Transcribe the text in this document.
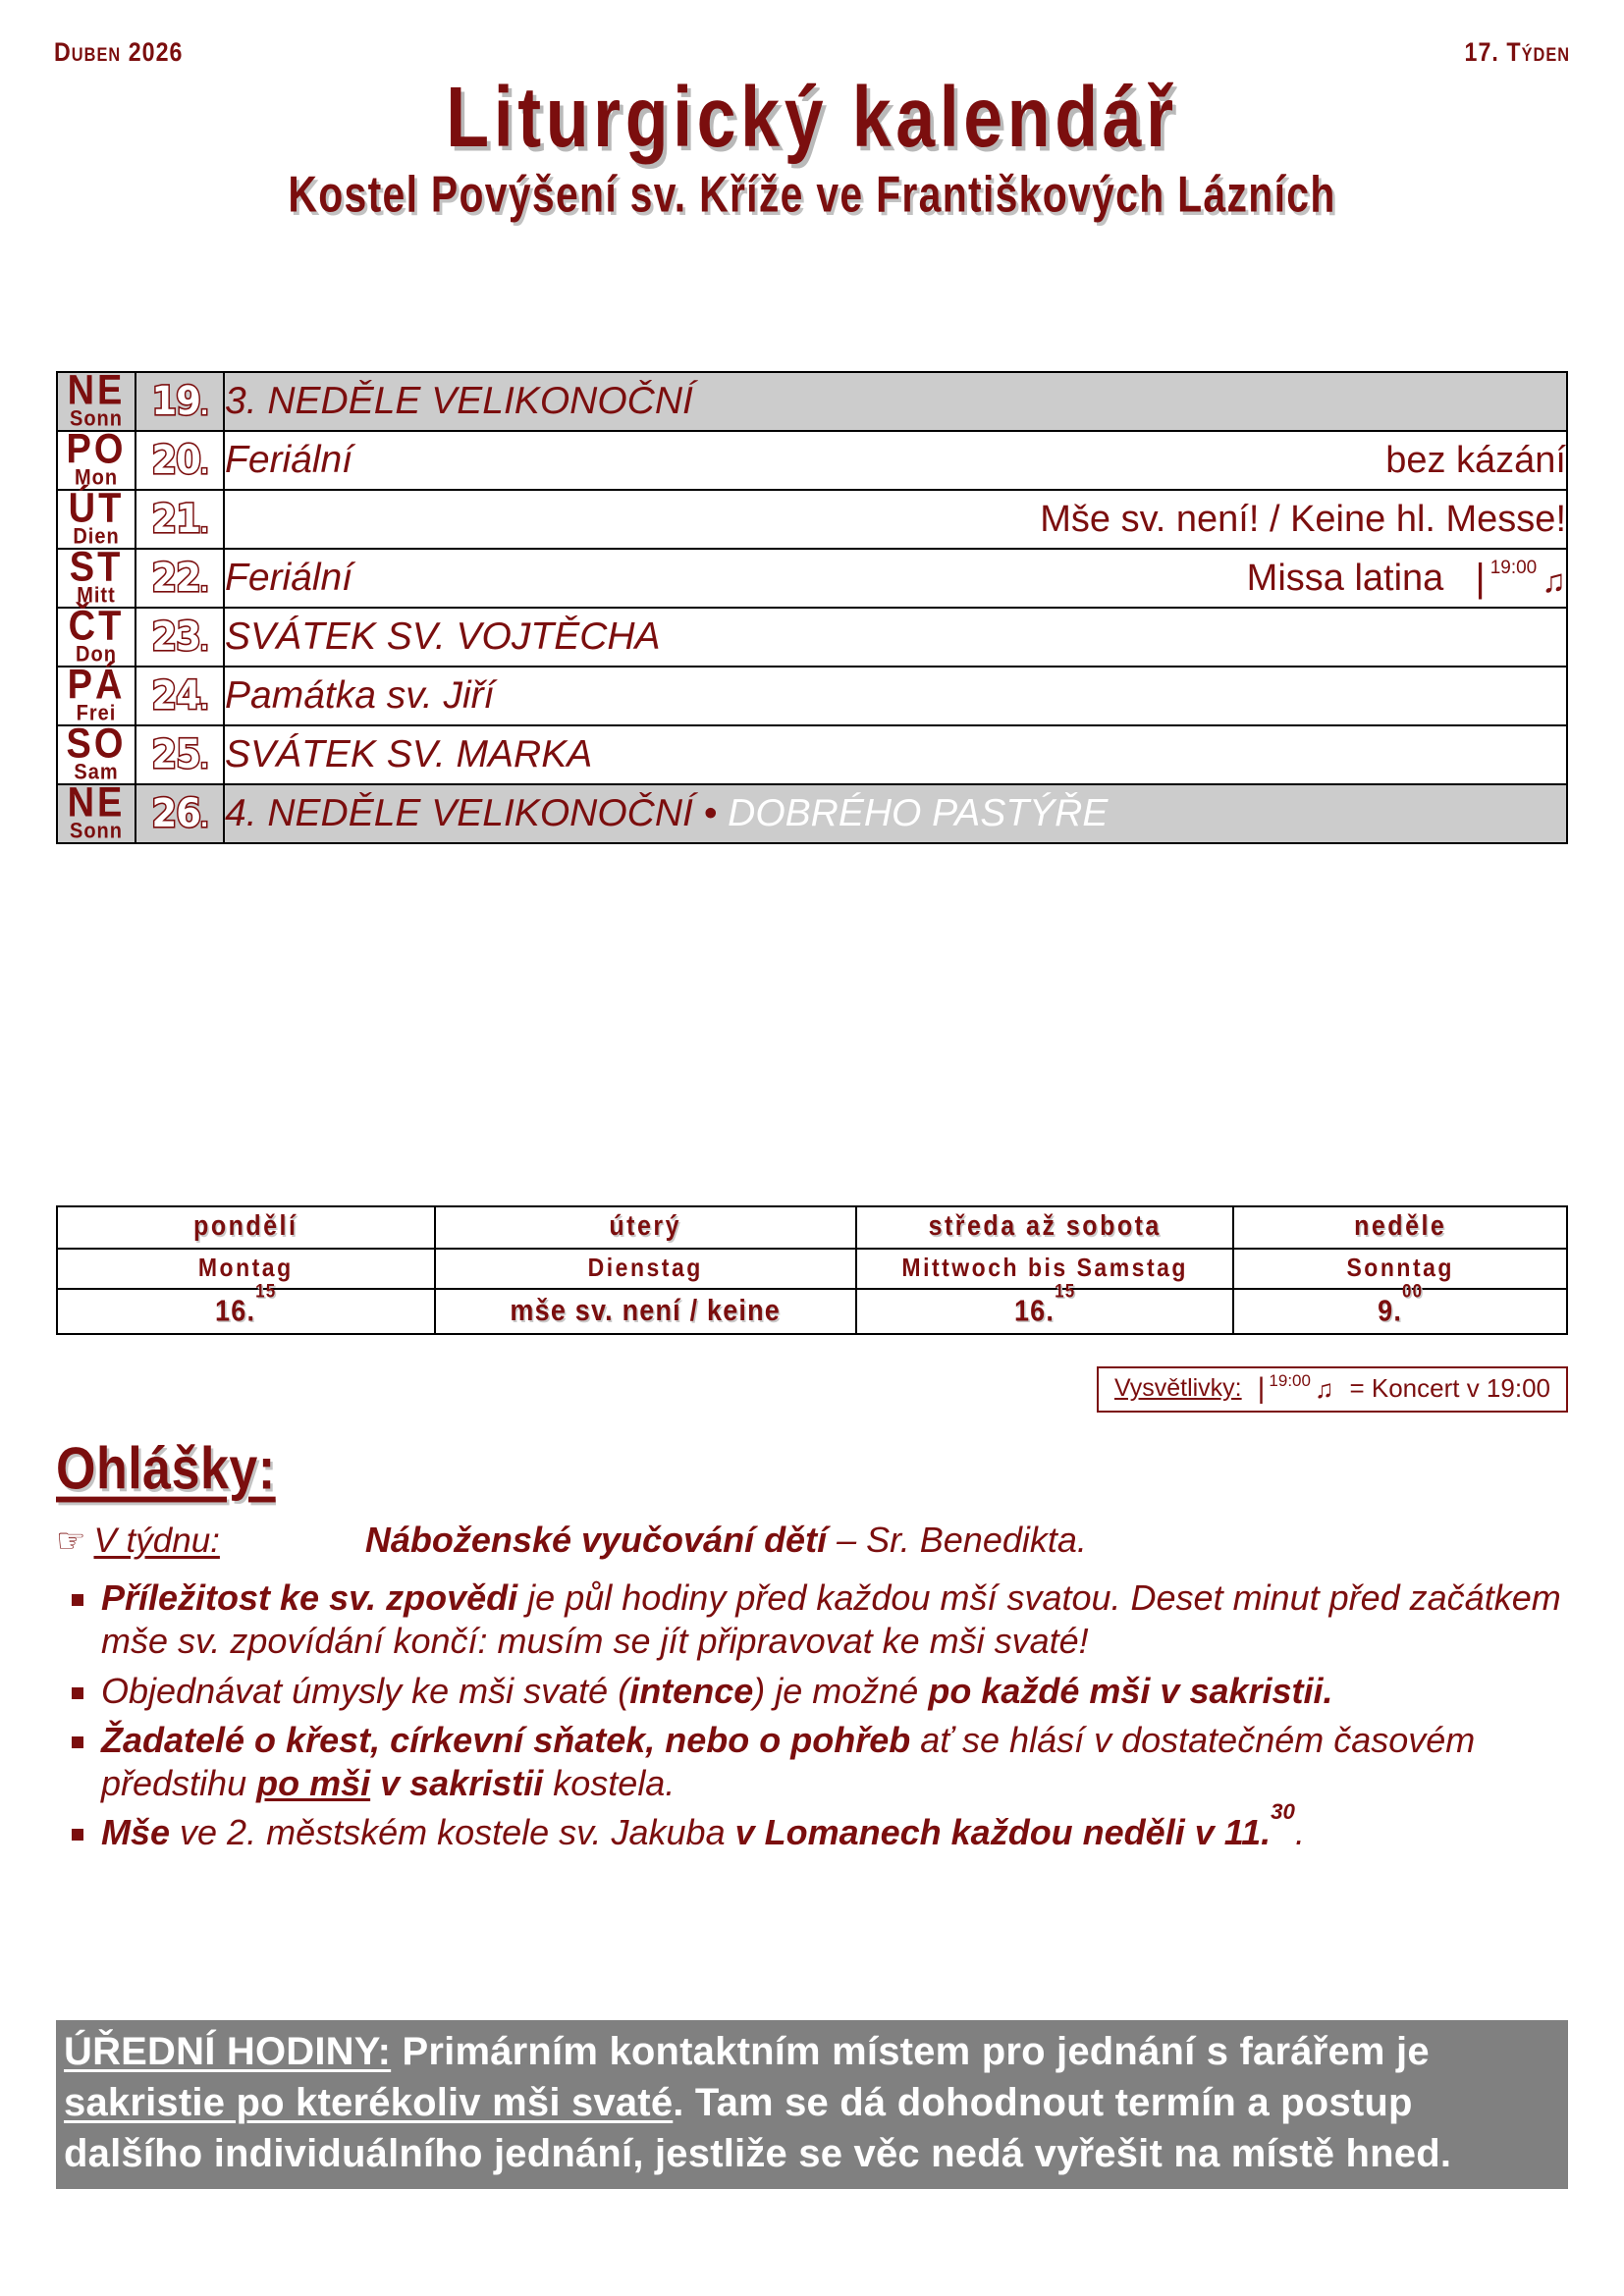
Duben 2026	17. Týden
Liturgický kalendář
Kostel Povýšení sv. Kříže ve Františkových Lázních
NE
Sonn	19.	3. NEDĚLE VELIKONOČNÍ

PO
Mon	20.	Feriální	bez kázání

ÚT
Dien	21.	Mše sv. není! / Keine hl. Messe!

ST
Mitt	22.	Feriální	Missa latina | 19:00 ♫

ČT
Don	23.	SVÁTEK SV. VOJTĚCHA

PÁ
Frei	24.	Památka sv. Jiří

SO
Sam	25.	SVÁTEK SV. MARKA

NE
Sonn	26.	4. NEDĚLE VELIKONOČNÍ • DOBRÉHO PASTÝŘE
pondělí	úterý	středa až sobota	neděle
Montag	Dienstag	Mittwoch bis Samstag	Sonntag
16.15	mše sv. není / keine	16.15	9.00
Vysvětlivky: | 19:00 ♫ = Koncert v 19:00
Ohlášky:
☞ V týdnu:	Náboženské vyučování dětí – Sr. Benedikta.
Příležitost ke sv. zpovědi je půl hodiny před každou mší svatou. Deset minut před začátkem mše sv. zpovídání končí: musím se jít připravovat ke mši svaté!
Objednávat úmysly ke mši svaté (intence) je možné po každé mši v sakristii.
Žadatelé o křest, církevní sňatek, nebo o pohřeb ať se hlásí v dostatečném časovém předstihu po mši v sakristii kostela.
Mše ve 2. městském kostele sv. Jakuba v Lomanech každou neděli v 11.30.
ÚŘEDNÍ HODINY: Primárním kontaktním místem pro jednání s farářem je sakristie po kterékoliv mši svaté. Tam se dá dohodnout termín a postup dalšího individuálního jednání, jestliže se věc nedá vyřešit na místě hned.
